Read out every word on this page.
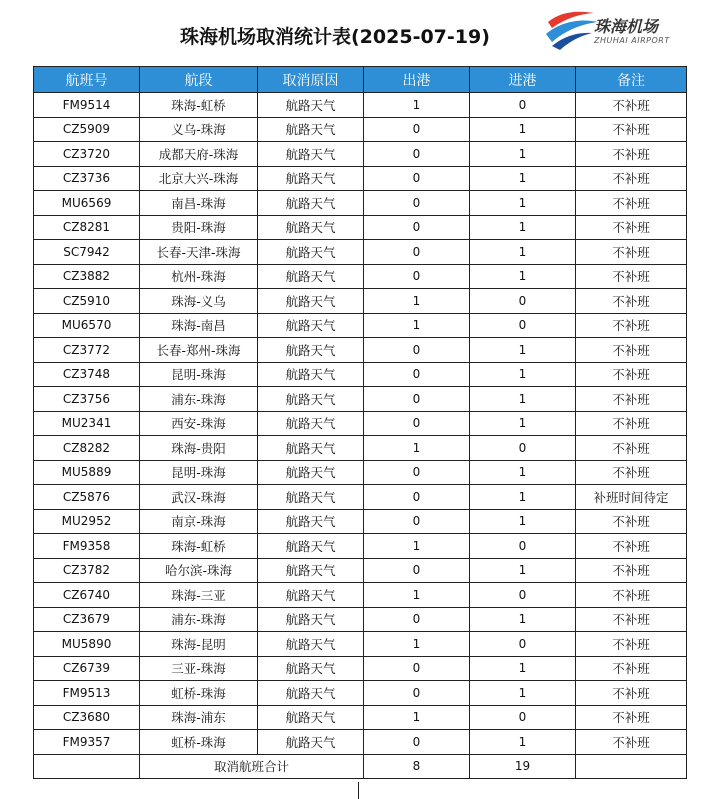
珠海机场取消统计表(2025-07-19)	珠海机场
ZHUHAI AIRPORT
航班号	航段	取消原因	出港	进港	备注
FM9514	珠海-虹桥	航路天气	1	0	不补班
CZ5909	义乌-珠海	航路天气	0	1	不补班
CZ3720	成都天府-珠海	航路天气	0	1	不补班
CZ3736	北京大兴-珠海	航路天气	0	1	不补班
MU6569	南昌-珠海	航路天气	0	1	不补班
CZ8281	贵阳-珠海	航路天气	0	1	不补班
SC7942	长春-天津-珠海	航路天气	0	1	不补班
CZ3882	杭州-珠海	航路天气	0	1	不补班
CZ5910	珠海-义乌	航路天气	1	0	不补班
MU6570	珠海-南昌	航路天气	1	0	不补班
CZ3772	长春-郑州-珠海	航路天气	0	1	不补班
CZ3748	昆明-珠海	航路天气	0	1	不补班
CZ3756	浦东-珠海	航路天气	0	1	不补班
MU2341	西安-珠海	航路天气	0	1	不补班
CZ8282	珠海-贵阳	航路天气	1	0	不补班
MU5889	昆明-珠海	航路天气	0	1	不补班
CZ5876	武汉-珠海	航路天气	0	1	补班时间待定
MU2952	南京-珠海	航路天气	0	1	不补班
FM9358	珠海-虹桥	航路天气	1	0	不补班
CZ3782	哈尔滨-珠海	航路天气	0	1	不补班
CZ6740	珠海-三亚	航路天气	1	0	不补班
CZ3679	浦东-珠海	航路天气	0	1	不补班
MU5890	珠海-昆明	航路天气	1	0	不补班
CZ6739	三亚-珠海	航路天气	0	1	不补班
FM9513	虹桥-珠海	航路天气	0	1	不补班
CZ3680	珠海-浦东	航路天气	1	0	不补班
FM9357	虹桥-珠海	航路天气	0	1	不补班
	取消航班合计		8	19	
